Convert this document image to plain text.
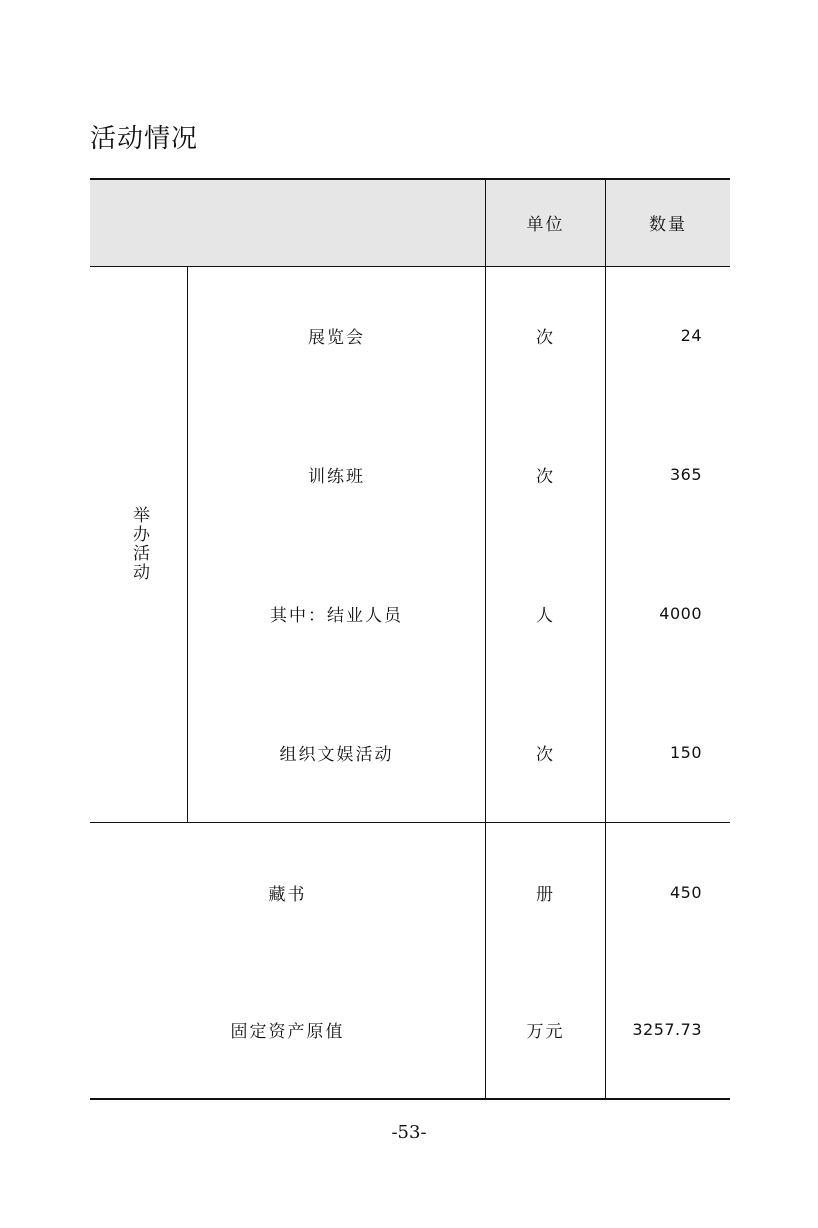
活动情况
单位	数量
举办活动
展览会	次	24
训练班	次	365
其中：结业人员	人	4000
组织文娱活动	次	150
藏书	册	450
固定资产原值	万元	3257.73
-53-
